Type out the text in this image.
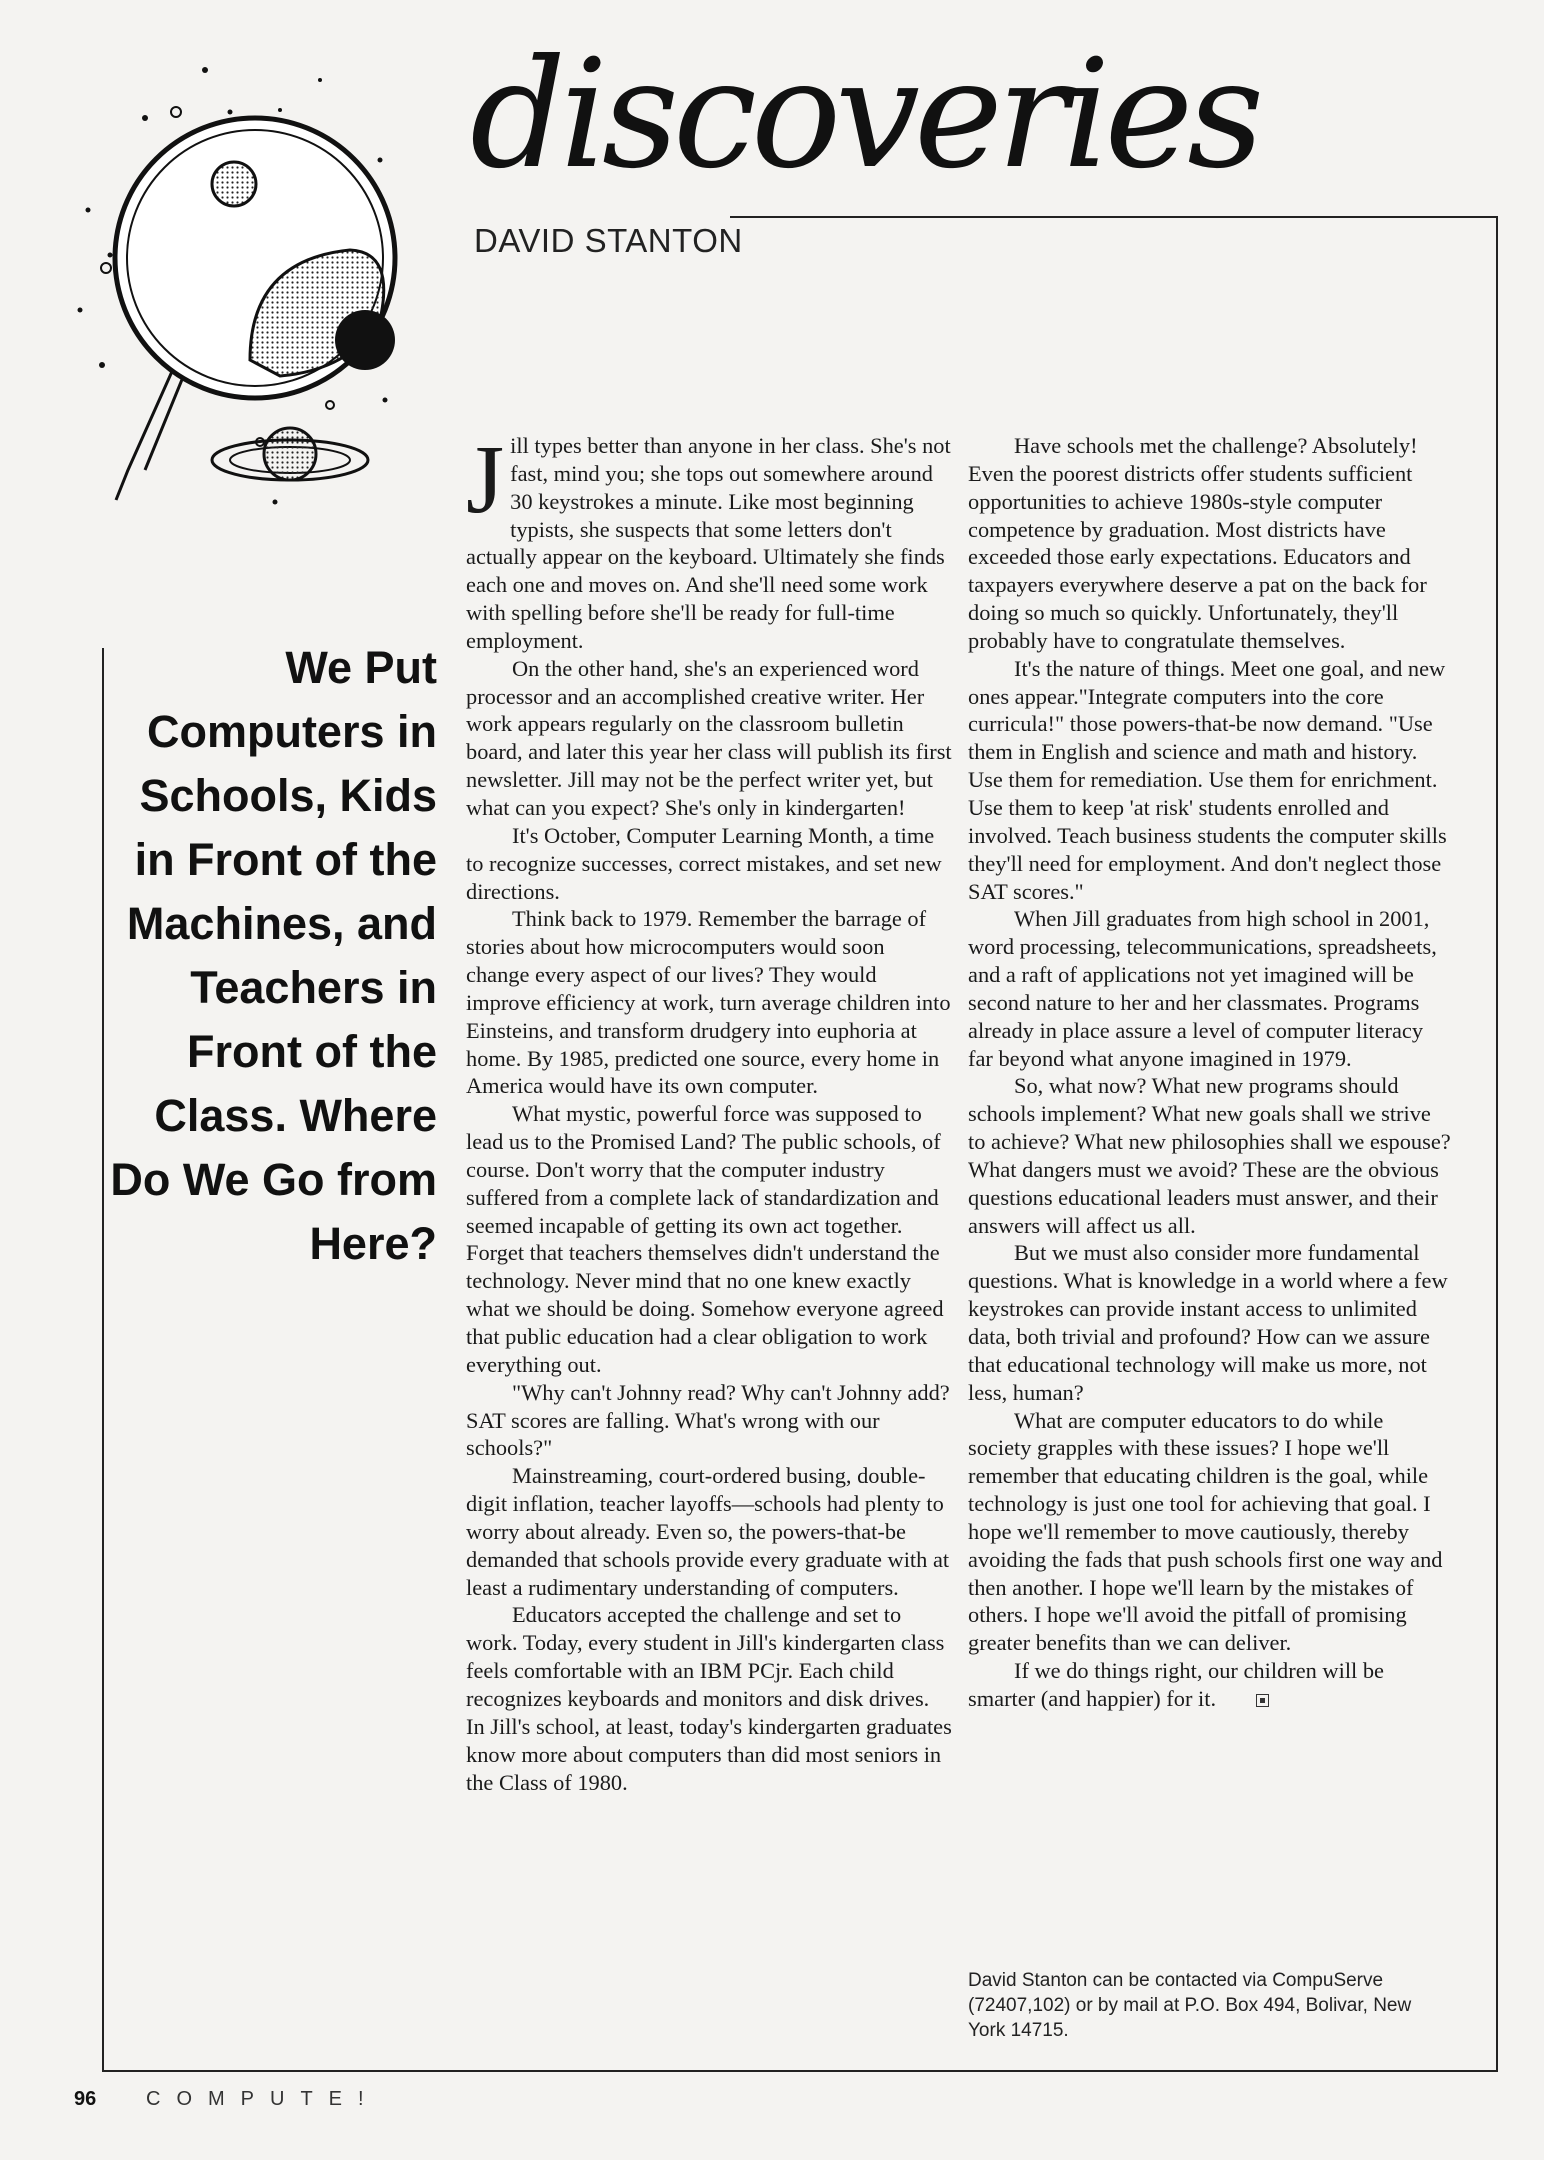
discoveries
DAVID STANTON
We Put Computers in Schools, Kids in Front of the Machines, and Teachers in Front of the Class. Where Do We Go from Here?

Jill types better than anyone in her class. She's not fast, mind you; she tops out somewhere around 30 keystrokes a minute. Like most beginning typists, she suspects that some letters don't actually appear on the keyboard. Ultimately she finds each one and moves on. And she'll need some work with spelling before she'll be ready for full-time employment.

On the other hand, she's an experienced word processor and an accomplished creative writer. Her work appears regularly on the classroom bulletin board, and later this year her class will publish its first newsletter. Jill may not be the perfect writer yet, but what can you expect? She's only in kindergarten!

It's October, Computer Learning Month, a time to recognize successes, correct mistakes, and set new directions.

Think back to 1979. Remember the barrage of stories about how microcomputers would soon change every aspect of our lives? They would improve efficiency at work, turn average children into Einsteins, and transform drudgery into euphoria at home. By 1985, predicted one source, every home in America would have its own computer.

What mystic, powerful force was supposed to lead us to the Promised Land? The public schools, of course. Don't worry that the computer industry suffered from a complete lack of standardization and seemed incapable of getting its own act together. Forget that teachers themselves didn't understand the technology. Never mind that no one knew exactly what we should be doing. Somehow everyone agreed that public education had a clear obligation to work everything out.

"Why can't Johnny read? Why can't Johnny add? SAT scores are falling. What's wrong with our schools?"

Mainstreaming, court-ordered busing, double-digit inflation, teacher layoffs—schools had plenty to worry about already. Even so, the powers-that-be demanded that schools provide every graduate with at least a rudimentary understanding of computers.

Educators accepted the challenge and set to work. Today, every student in Jill's kindergarten class feels comfortable with an IBM PCjr. Each child recognizes keyboards and monitors and disk drives. In Jill's school, at least, today's kindergarten graduates know more about computers than did most seniors in the Class of 1980.

Have schools met the challenge? Absolutely! Even the poorest districts offer students sufficient opportunities to achieve 1980s-style computer competence by graduation. Most districts have exceeded those early expectations. Educators and taxpayers everywhere deserve a pat on the back for doing so much so quickly. Unfortunately, they'll probably have to congratulate themselves.

It's the nature of things. Meet one goal, and new ones appear."Integrate computers into the core curricula!" those powers-that-be now demand. "Use them in English and science and math and history. Use them for remediation. Use them for enrichment. Use them to keep 'at risk' students enrolled and involved. Teach business students the computer skills they'll need for employment. And don't neglect those SAT scores."

When Jill graduates from high school in 2001, word processing, telecommunications, spreadsheets, and a raft of applications not yet imagined will be second nature to her and her classmates. Programs already in place assure a level of computer literacy far beyond what anyone imagined in 1979.

So, what now? What new programs should schools implement? What new goals shall we strive to achieve? What new philosophies shall we espouse? What dangers must we avoid? These are the obvious questions educational leaders must answer, and their answers will affect us all.

But we must also consider more fundamental questions. What is knowledge in a world where a few keystrokes can provide instant access to unlimited data, both trivial and profound? How can we assure that educational technology will make us more, not less, human?

What are computer educators to do while society grapples with these issues? I hope we'll remember that educating children is the goal, while technology is just one tool for achieving that goal. I hope we'll remember to move cautiously, thereby avoiding the fads that push schools first one way and then another. I hope we'll learn by the mistakes of others. I hope we'll avoid the pitfall of promising greater benefits than we can deliver.

If we do things right, our children will be smarter (and happier) for it.

David Stanton can be contacted via CompuServe (72407,102) or by mail at P.O. Box 494, Bolivar, New York 14715.
96 COMPUTE!
